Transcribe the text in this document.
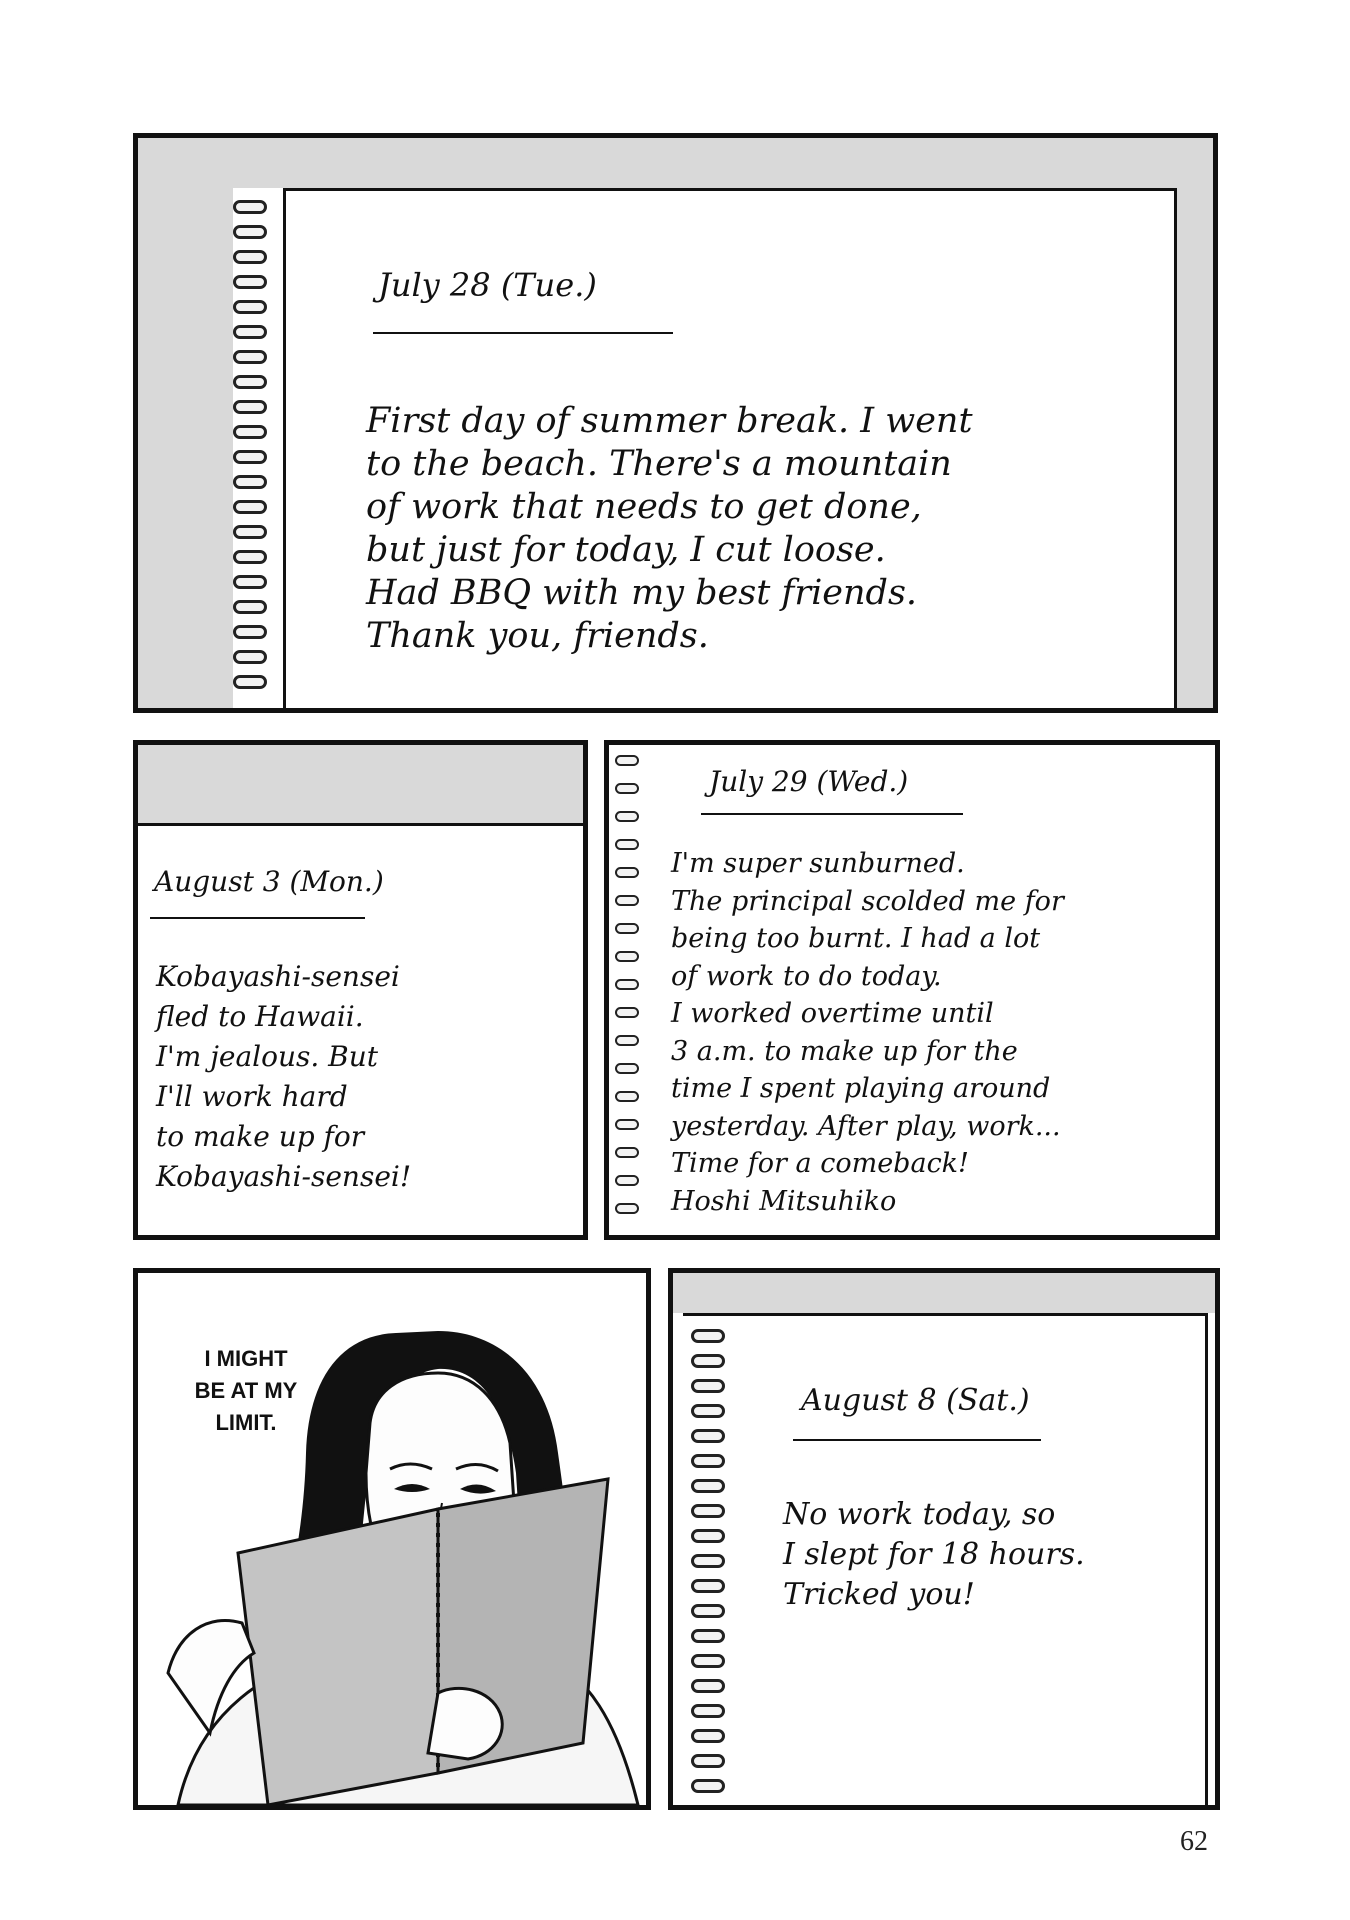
July 28 (Tue.)

First day of summer break. I went

to the beach. There's a mountain

of work that needs to get done,

but just for today, I cut loose.

Had BBQ with my best friends.

Thank you, friends.

August 3 (Mon.)

Kobayashi-sensei

fled to Hawaii.

I'm jealous. But

I'll work hard

to make up for

Kobayashi-sensei!

July 29 (Wed.)

I'm super sunburned.

The principal scolded me for

being too burnt. I had a lot

of work to do today.

I worked overtime until

3 a.m. to make up for the

time I spent playing around

yesterday. After play, work...

Time for a comeback!

Hoshi Mitsuhiko

I MIGHT
BE AT MY
LIMIT.

August 8 (Sat.)

No work today, so

I slept for 18 hours.

Tricked you!

62
